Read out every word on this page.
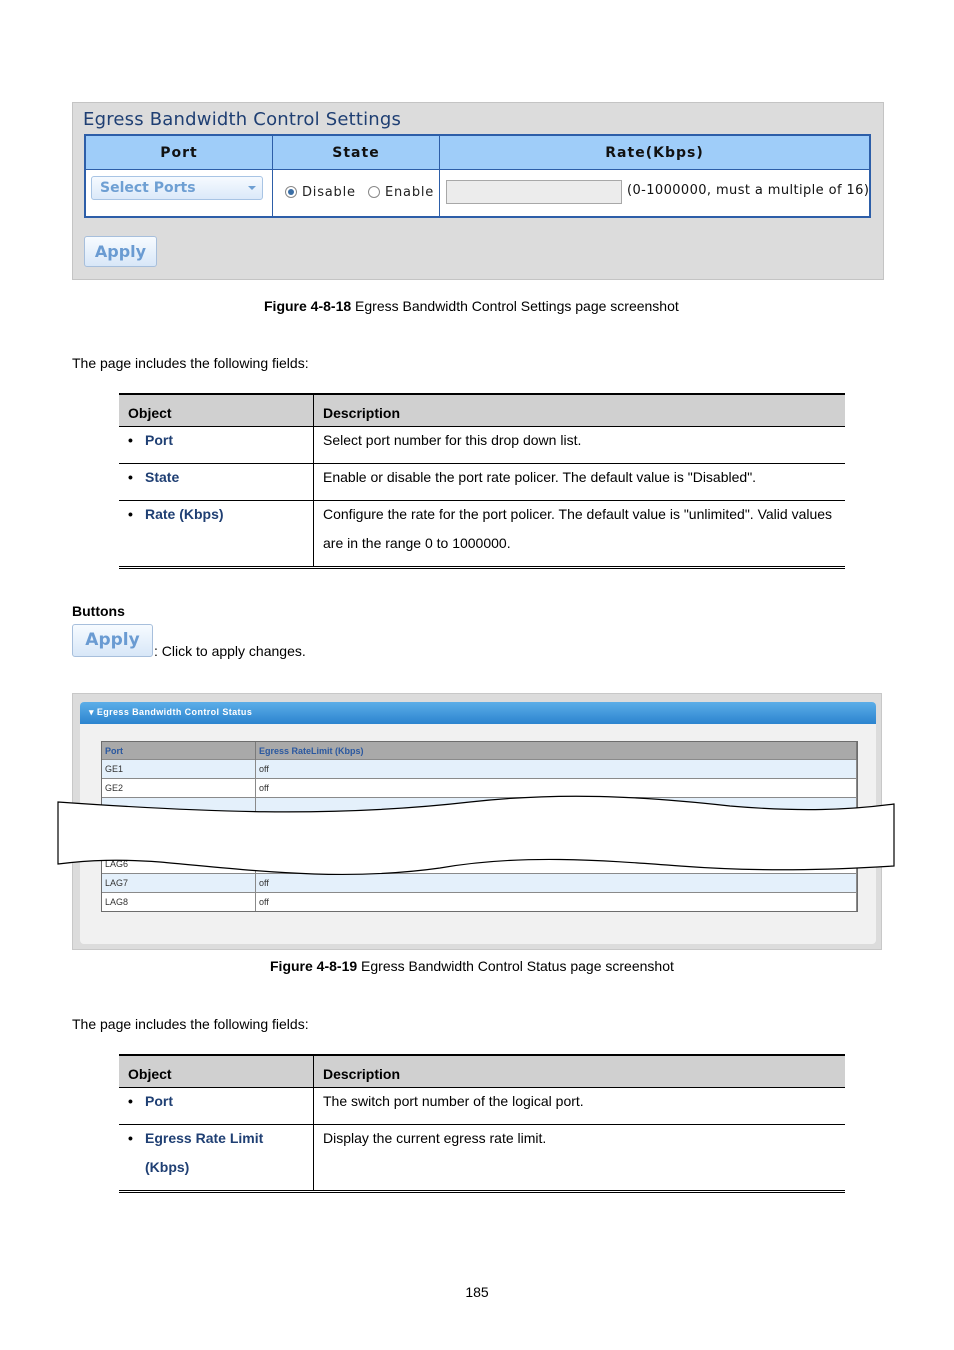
Egress Bandwidth Control Settings
Port	State	Rate(Kbps)
Select Ports	Disable Enable	(0-1000000, must a multiple of 16)
Apply
Figure 4-8-18 Egress Bandwidth Control Settings page screenshot
The page includes the following fields:
Object	Description

• Port	Select port number for this drop down list.

• State	Enable or disable the port rate policer. The default value is "Disabled".

• Rate (Kbps)	Configure the rate for the port policer. The default value is "unlimited". Valid values are in the range 0 to 1000000.
Buttons
Apply
: Click to apply changes.
▾ Egress Bandwidth Control Status
Port	Egress RateLimit (Kbps)
GE1	off
GE2	off

LAG6	
LAG7	off
LAG8	off
Figure 4-8-19 Egress Bandwidth Control Status page screenshot
The page includes the following fields:
Object	Description

• Port	The switch port number of the logical port.

• Egress Rate Limit (Kbps)	Display the current egress rate limit.
185
